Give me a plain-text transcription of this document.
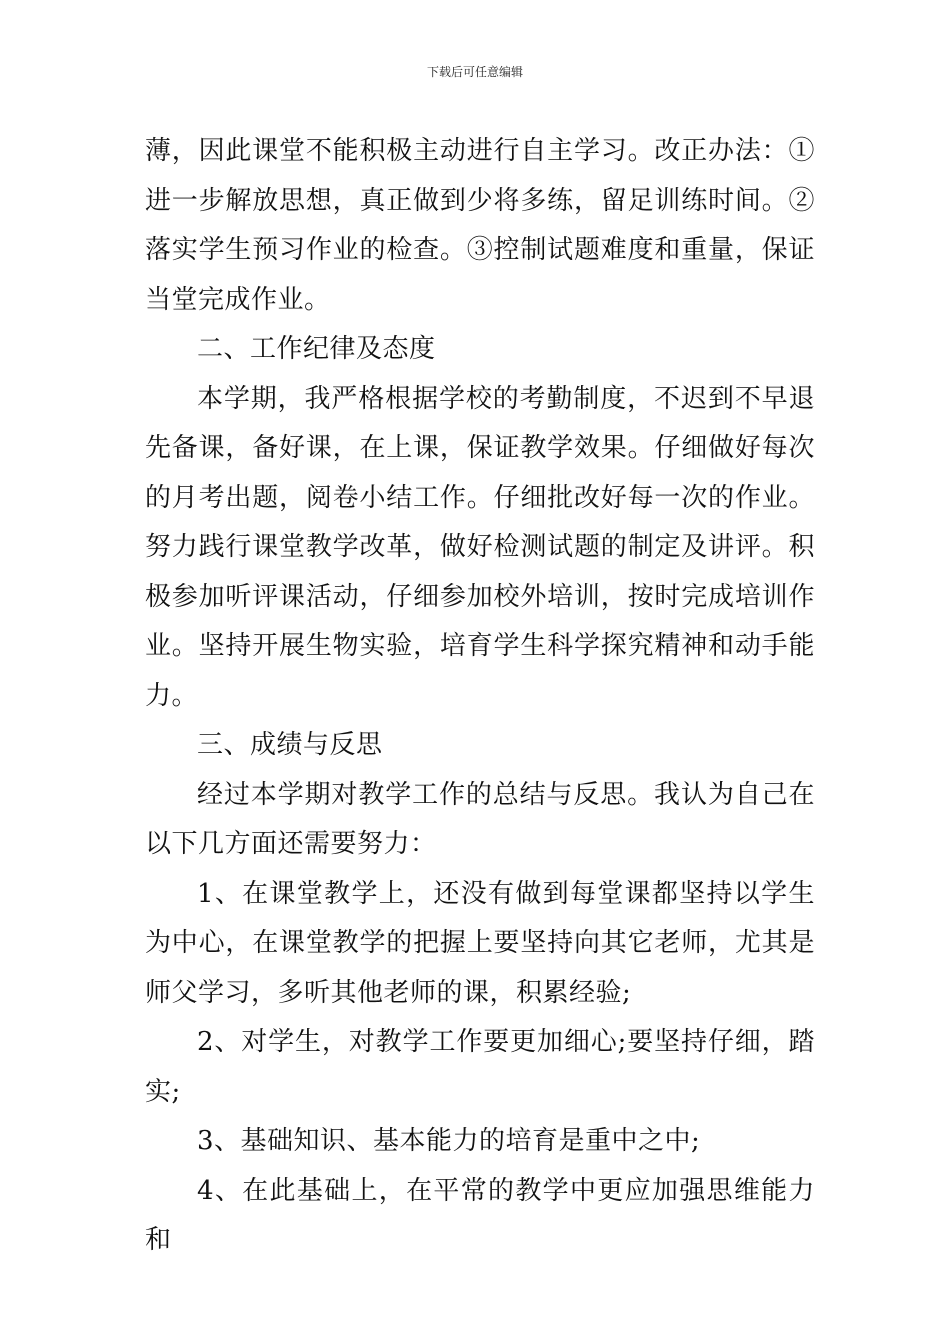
下载后可任意编辑

薄，因此课堂不能积极主动进行自主学习。改正办法：①进一步解放思想，真正做到少将多练，留足训练时间。②落实学生预习作业的检查。③控制试题难度和重量，保证当堂完成作业。

二、工作纪律及态度

本学期，我严格根据学校的考勤制度，不迟到不早退先备课，备好课，在上课，保证教学效果。仔细做好每次的月考出题，阅卷小结工作。仔细批改好每一次的作业。努力践行课堂教学改革，做好检测试题的制定及讲评。积极参加听评课活动，仔细参加校外培训，按时完成培训作业。坚持开展生物实验，培育学生科学探究精神和动手能力。

三、成绩与反思

经过本学期对教学工作的总结与反思。我认为自己在以下几方面还需要努力：

1、在课堂教学上，还没有做到每堂课都坚持以学生为中心，在课堂教学的把握上要坚持向其它老师，尤其是师父学习，多听其他老师的课，积累经验;

2、对学生，对教学工作要更加细心;要坚持仔细，踏实;

3、基础知识、基本能力的培育是重中之中;

4、在此基础上，在平常的教学中更应加强思维能力和
